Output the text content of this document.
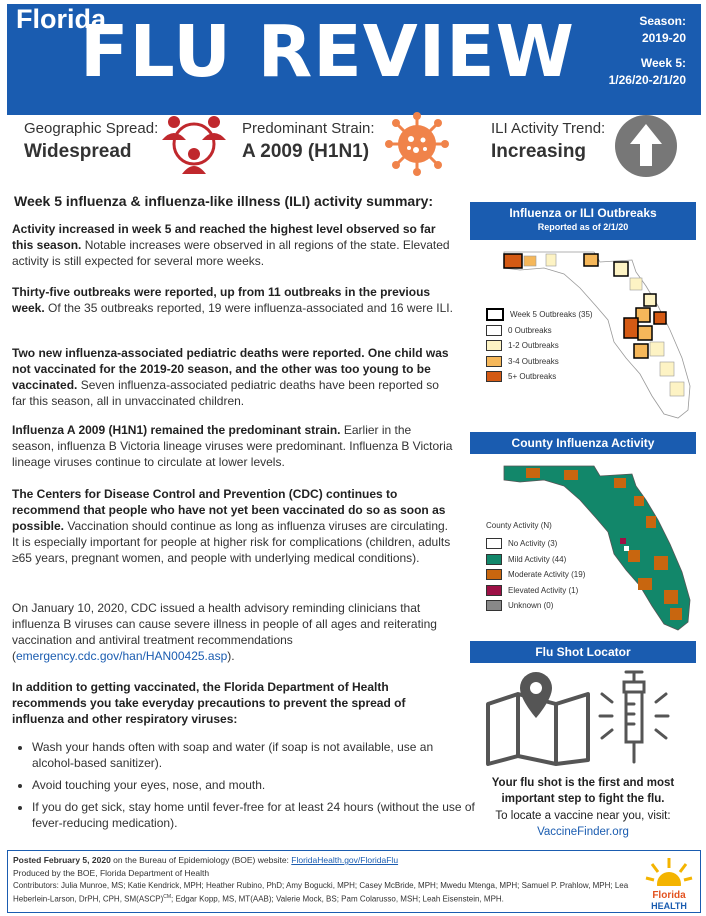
Florida
FLU REVIEW	Season:
2019-20
Week 5:
1/26/20-2/1/20
Geographic Spread:
Widespread
Predominant Strain:
A 2009 (H1N1)
ILI Activity Trend:
Increasing
Week 5 influenza & influenza-like illness (ILI) activity summary:
Activity increased in week 5 and reached the highest level observed so far this season. Notable increases were observed in all regions of the state. Elevated activity is still expected for several more weeks.
Thirty-five outbreaks were reported, up from 11 outbreaks in the previous week. Of the 35 outbreaks reported, 19 were influenza-associated and 16 were ILI.
Two new influenza-associated pediatric deaths were reported. One child was not vaccinated for the 2019-20 season, and the other was too young to be vaccinated. Seven influenza-associated pediatric deaths have been reported so far this season, all in unvaccinated children.
Influenza A 2009 (H1N1) remained the predominant strain. Earlier in the season, influenza B Victoria lineage viruses were predominant. Influenza B Victoria lineage viruses continue to circulate at lower levels.
The Centers for Disease Control and Prevention (CDC) continues to recommend that people who have not yet been vaccinated do so as soon as possible. Vaccination should continue as long as influenza viruses are circulating. It is especially important for people at higher risk for complications (children, adults ≥65 years, pregnant women, and people with underlying medical conditions).
On January 10, 2020, CDC issued a health advisory reminding clinicians that influenza B viruses can cause severe illness in people of all ages and reiterating vaccination and antiviral treatment recommendations (emergency.cdc.gov/han/HAN00425.asp).
In addition to getting vaccinated, the Florida Department of Health recommends you take everyday precautions to prevent the spread of influenza and other respiratory viruses:
• Wash your hands often with soap and water (if soap is not available, use an alcohol-based sanitizer).
• Avoid touching your eyes, nose, and mouth.
• If you do get sick, stay home until fever-free for at least 24 hours (without the use of fever-reducing medication).
Influenza or ILI Outbreaks
Reported as of 2/1/20
Week 5 Outbreaks (35)
0 Outbreaks
1-2 Outbreaks
3-4 Outbreaks
5+ Outbreaks
County Influenza Activity
County Activity (N)
No Activity (3)
Mild Activity (44)
Moderate Activity (19)
Elevated Activity (1)
Unknown (0)
Flu Shot Locator
Your flu shot is the first and most important step to fight the flu.
To locate a vaccine near you, visit:
VaccineFinder.org
Posted February 5, 2020 on the Bureau of Epidemiology (BOE) website: FloridaHealth.gov/FloridaFlu
Produced by the BOE, Florida Department of Health
Contributors: Julia Munroe, MS; Katie Kendrick, MPH; Heather Rubino, PhD; Amy Bogucki, MPH; Casey McBride, MPH; Mwedu Mtenga, MPH; Samuel P. Prahlow, MPH; Lea Heberlein-Larson, DrPH, CPH, SM(ASCP)$^{CM}$; Edgar Kopp, MS, MT(AAB); Valerie Mock, BS; Pam Colarusso, MSH; Leah Eisenstein, MPH.	Florida
HEALTH
